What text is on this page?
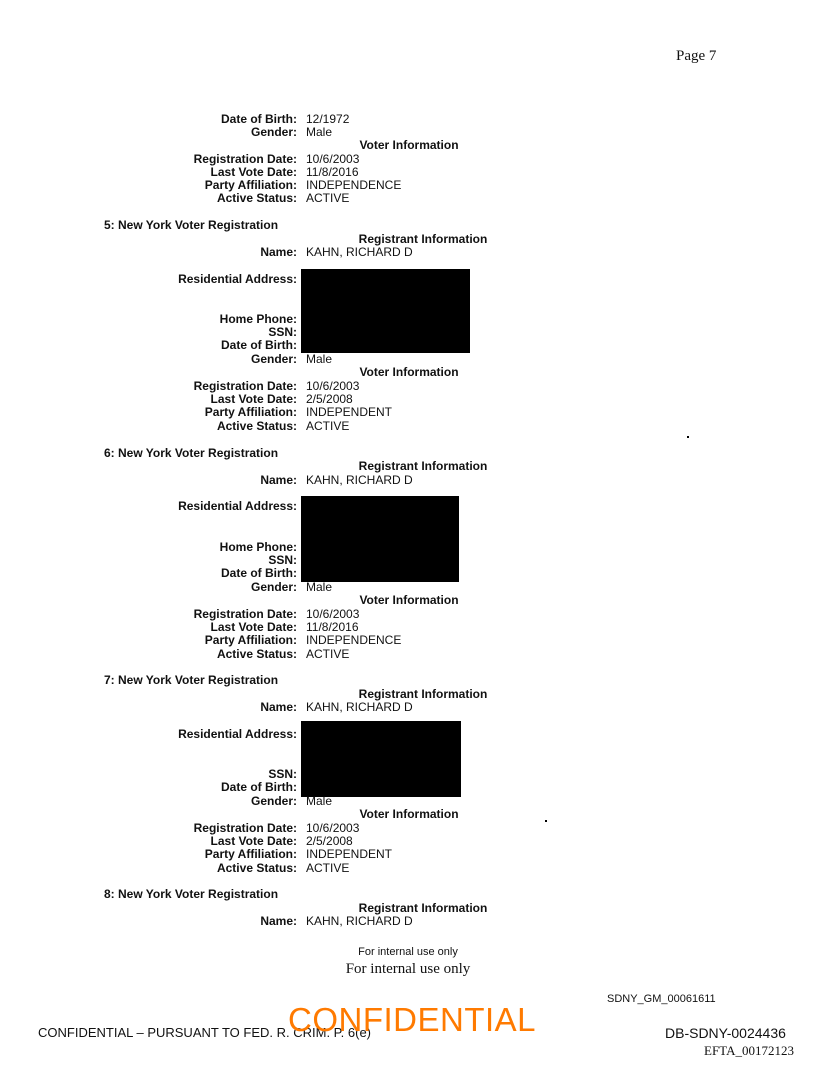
Page 7
Date of Birth: 12/1972
Gender: Male
Voter Information
Registration Date: 10/6/2003
Last Vote Date: 11/8/2016
Party Affiliation: INDEPENDENCE
Active Status: ACTIVE
5: New York Voter Registration
Registrant Information
Name: KAHN, RICHARD D
Residential Address:
Home Phone:
SSN:
Date of Birth:
Gender: Male
Voter Information
Registration Date: 10/6/2003
Last Vote Date: 2/5/2008
Party Affiliation: INDEPENDENT
Active Status: ACTIVE
6: New York Voter Registration
Registrant Information
Name: KAHN, RICHARD D
Residential Address:
Home Phone:
SSN:
Date of Birth:
Gender: Male
Voter Information
Registration Date: 10/6/2003
Last Vote Date: 11/8/2016
Party Affiliation: INDEPENDENCE
Active Status: ACTIVE
7: New York Voter Registration
Registrant Information
Name: KAHN, RICHARD D
Residential Address:
SSN:
Date of Birth:
Gender: Male
Voter Information
Registration Date: 10/6/2003
Last Vote Date: 2/5/2008
Party Affiliation: INDEPENDENT
Active Status: ACTIVE
8: New York Voter Registration
Registrant Information
Name: KAHN, RICHARD D
For internal use only
For internal use only
SDNY_GM_00061611
CONFIDENTIAL – PURSUANT TO FED. R. CRIM. P. 6(e)
CONFIDENTIAL	DB-SDNY-0024436
EFTA_00172123
